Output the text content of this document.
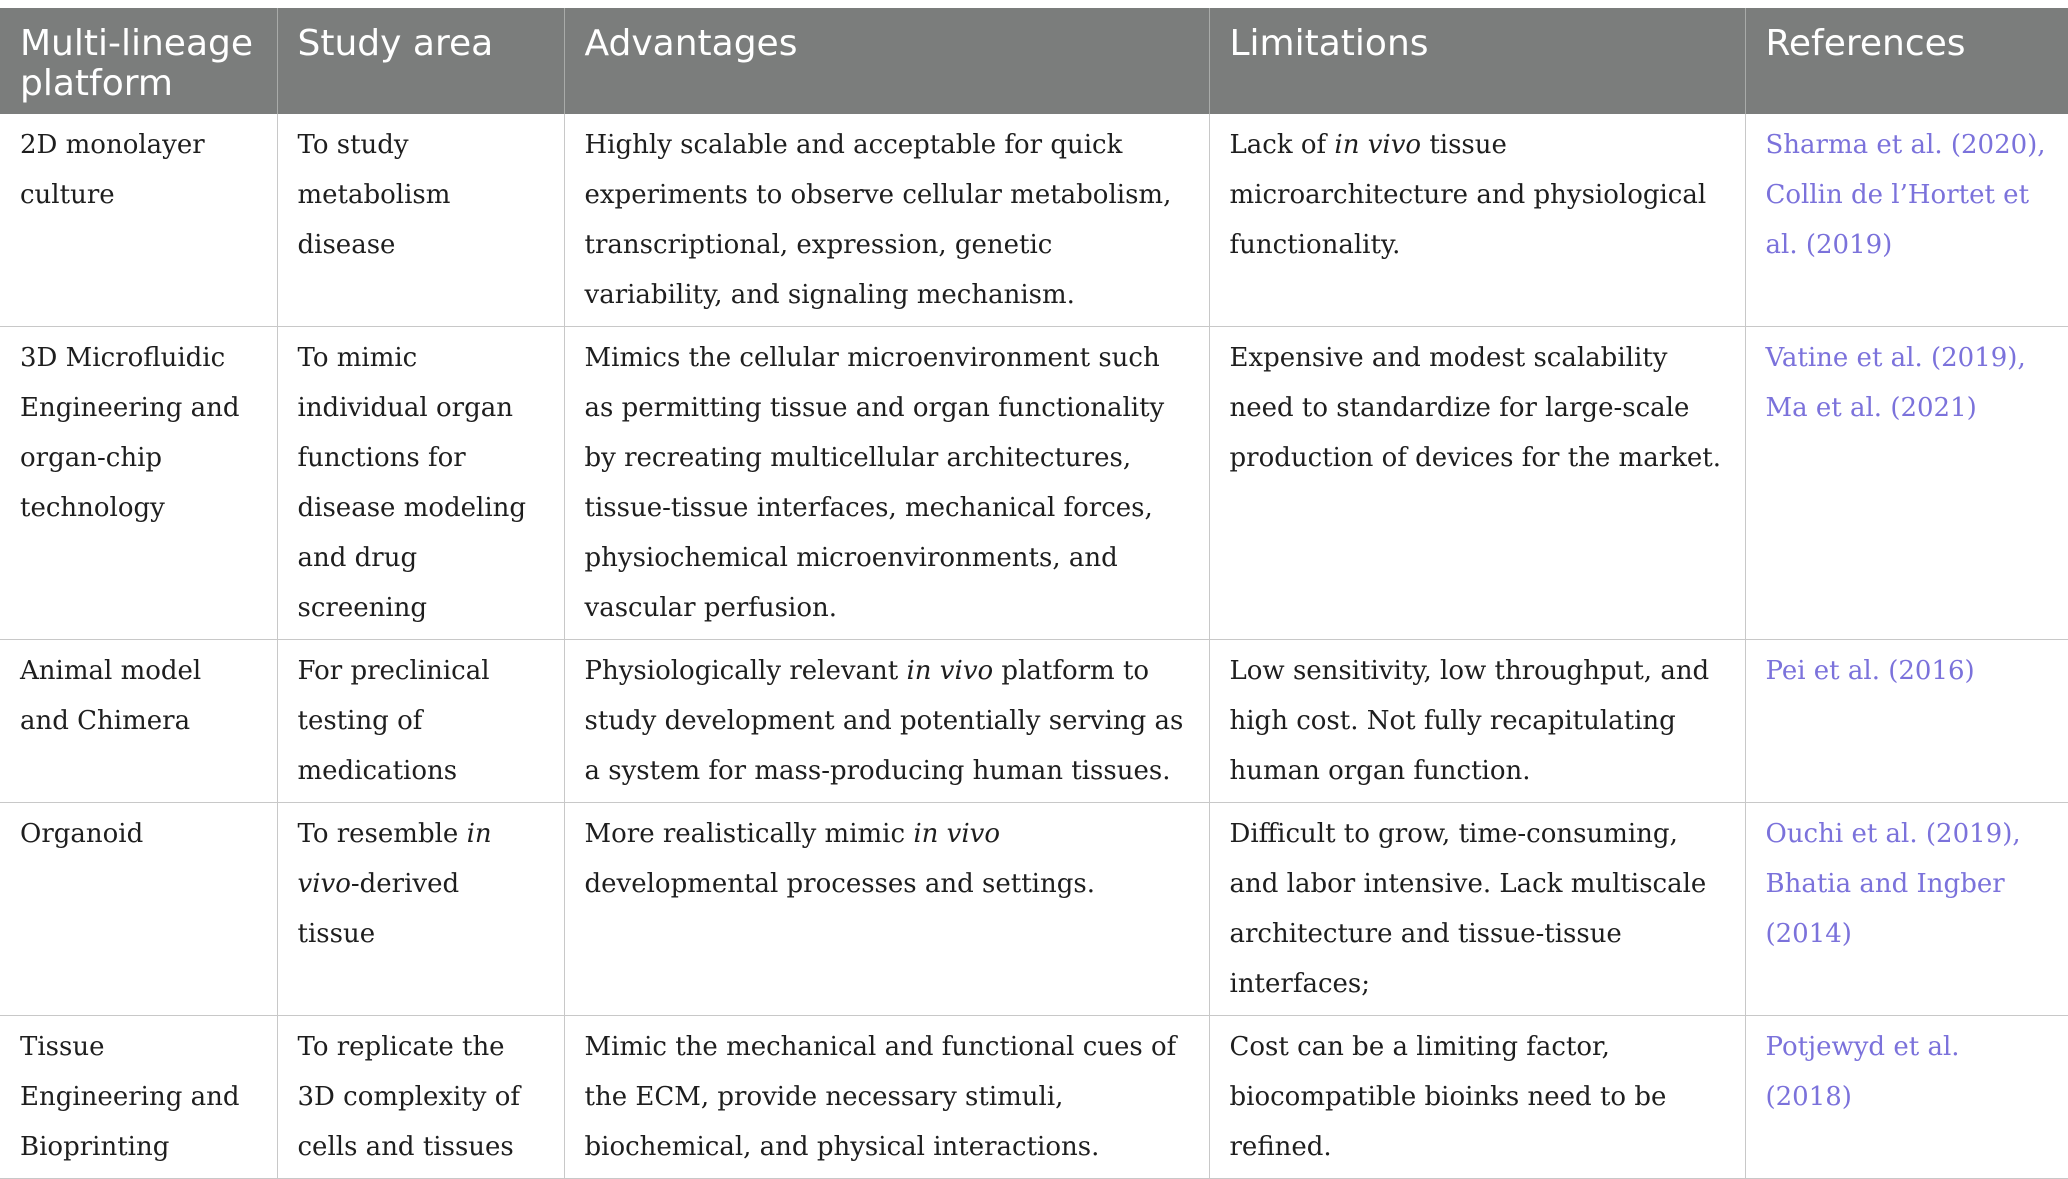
Multi-lineage platform	Study area	Advantages	Limitations	References
2D monolayer culture	To study metabolism disease	Highly scalable and acceptable for quick experiments to observe cellular metabolism, transcriptional, expression, genetic variability, and signaling mechanism.	Lack of in vivo tissue microarchitecture and physiological functionality.	Sharma et al. (2020), Collin de l’Hortet et al. (2019)
3D Microfluidic Engineering and organ-chip technology	To mimic individual organ functions for disease modeling and drug screening	Mimics the cellular microenvironment such as permitting tissue and organ functionality by recreating multicellular architectures, tissue-tissue interfaces, mechanical forces, physiochemical microenvironments, and vascular perfusion.	Expensive and modest scalability need to standardize for large-scale production of devices for the market.	Vatine et al. (2019), Ma et al. (2021)
Animal model and Chimera	For preclinical testing of medications	Physiologically relevant in vivo platform to study development and potentially serving as a system for mass-producing human tissues.	Low sensitivity, low throughput, and high cost. Not fully recapitulating human organ function.	Pei et al. (2016)
Organoid	To resemble in vivo-derived tissue	More realistically mimic in vivo developmental processes and settings.	Difficult to grow, time-consuming, and labor intensive. Lack multiscale architecture and tissue-tissue interfaces;	Ouchi et al. (2019), Bhatia and Ingber (2014)
Tissue Engineering and Bioprinting	To replicate the 3D complexity of cells and tissues	Mimic the mechanical and functional cues of the ECM, provide necessary stimuli, biochemical, and physical interactions.	Cost can be a limiting factor, biocompatible bioinks need to be refined.	Potjewyd et al. (2018)
